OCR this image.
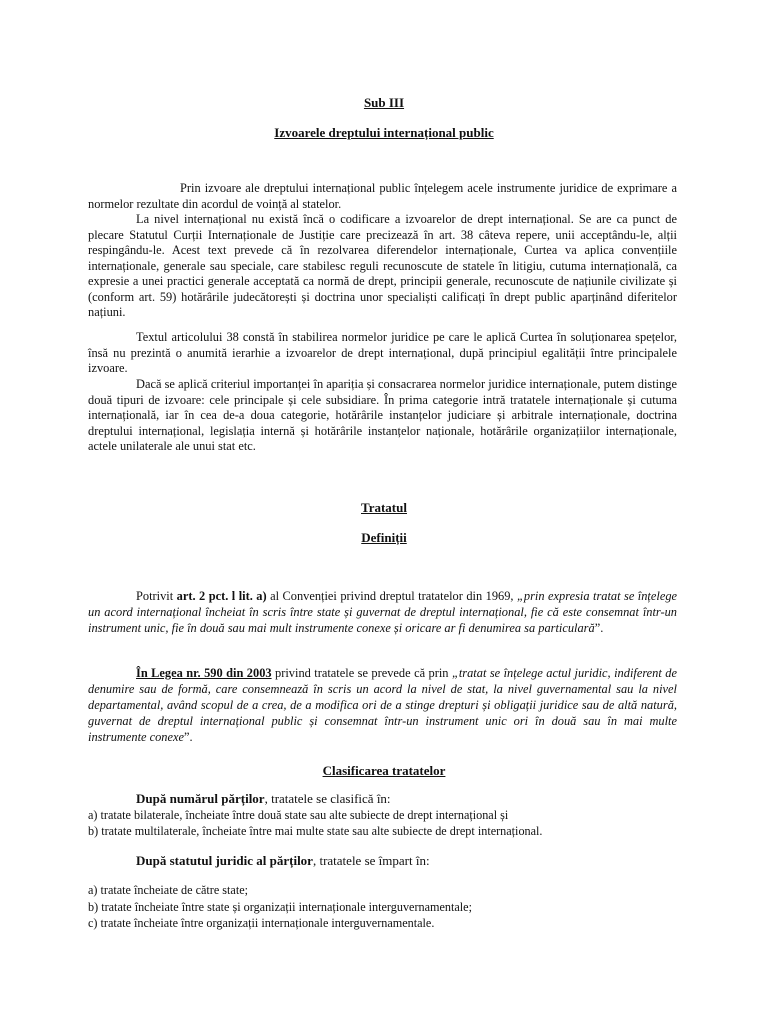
Sub III
Izvoarele dreptului internațional public
Prin izvoare ale dreptului internațional public înțelegem acele instrumente juridice de exprimare a normelor rezultate din acordul de voință al statelor.
La nivel internațional nu există încă o codificare a izvoarelor de drept internațional. Se are ca punct de plecare Statutul Curții Internaționale de Justiție care precizează în art. 38 câteva repere, unii acceptându-le, alții respingându-le. Acest text prevede că în rezolvarea diferendelor internaționale, Curtea va aplica convențiile internaționale, generale sau speciale, care stabilesc reguli recunoscute de statele în litigiu, cutuma internațională, ca expresie a unei practici generale acceptată ca normă de drept, principii generale, recunoscute de națiunile civilizate și (conform art. 59) hotărârile judecătorești și doctrina unor specialiști calificați în drept public aparținând diferitelor națiuni.
Textul articolului 38 constă în stabilirea normelor juridice pe care le aplică Curtea în soluționarea spețelor, însă nu prezintă o anumită ierarhie a izvoarelor de drept internațional, după principiul egalității între principalele izvoare.
Dacă se aplică criteriul importanței în apariția și consacrarea normelor juridice internaționale, putem distinge două tipuri de izvoare: cele principale și cele subsidiare. În prima categorie intră tratatele internaționale și cutuma internațională, iar în cea de-a doua categorie, hotărârile instanțelor judiciare și arbitrale internaționale, doctrina dreptului internațional, legislația internă și hotărârile instanțelor naționale, hotărârile organizațiilor internaționale, actele unilaterale ale unui stat etc.
Tratatul
Definiții
Potrivit art. 2 pct. l lit. a) al Convenției privind dreptul tratatelor din 1969, „prin expresia tratat se înțelege un acord internațional încheiat în scris între state și guvernat de dreptul internațional, fie că este consemnat într-un instrument unic, fie în două sau mai mult instrumente conexe și oricare ar fi denumirea sa particulară”.
În Legea nr. 590 din 2003 privind tratatele se prevede că prin „tratat se înțelege actul juridic, indiferent de denumire sau de formă, care consemnează în scris un acord la nivel de stat, la nivel guvernamental sau la nivel departamental, având scopul de a crea, de a modifica ori de a stinge drepturi și obligații juridice sau de altă natură, guvernat de dreptul internațional public și consemnat într-un instrument unic ori în două sau în mai multe instrumente conexe”.
Clasificarea tratatelor
După numărul părților, tratatele se clasifică în:
a) tratate bilaterale, încheiate între două state sau alte subiecte de drept internațional și
b) tratate multilaterale, încheiate între mai multe state sau alte subiecte de drept internațional.
După statutul juridic al părților, tratatele se împart în:
a) tratate încheiate de către state;
b) tratate încheiate între state și organizații internaționale interguvernamentale;
c) tratate încheiate între organizații internaționale interguvernamentale.
